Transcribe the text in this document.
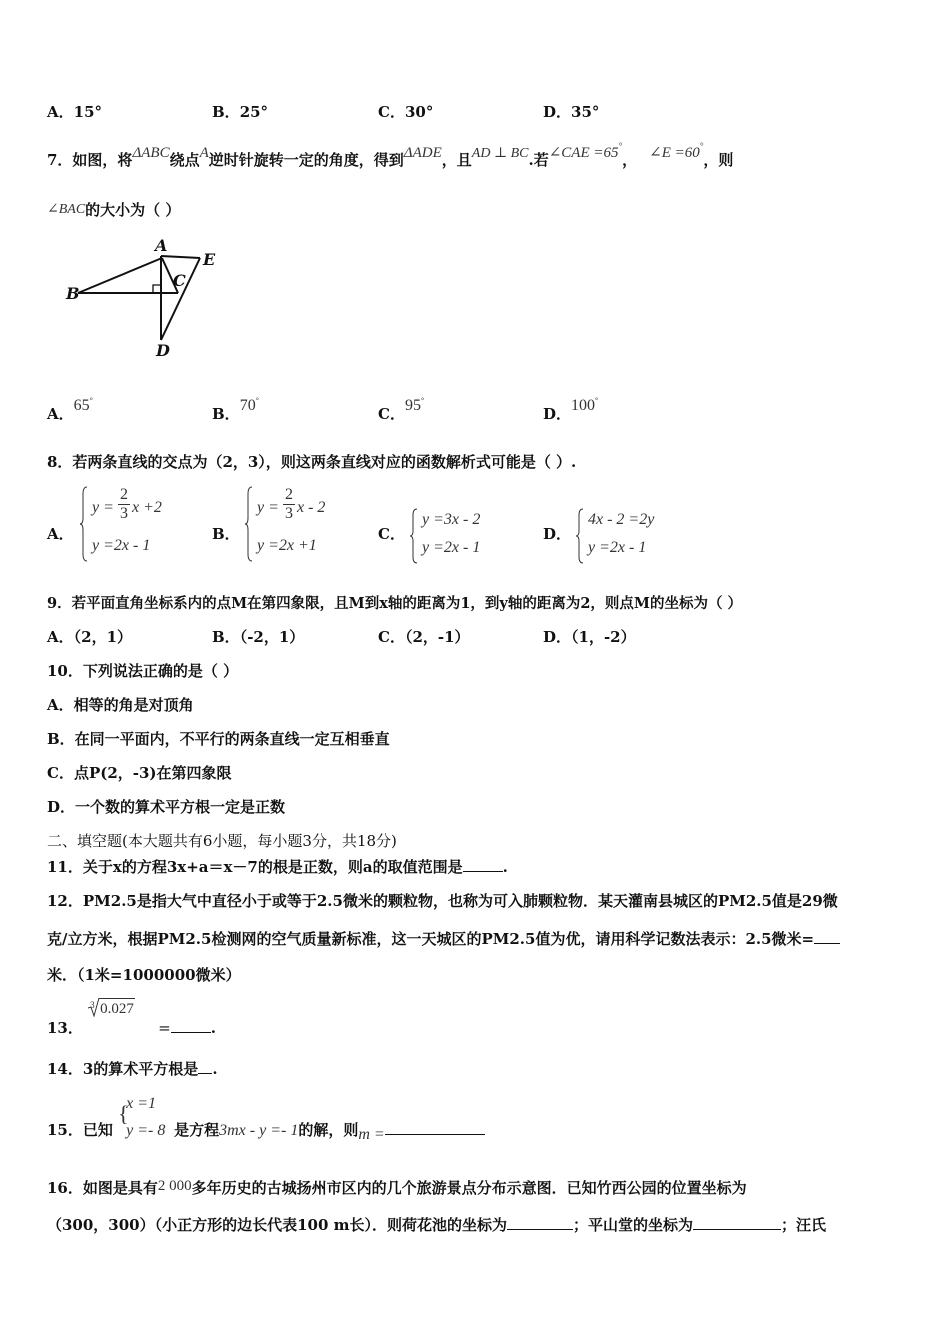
A．15°	B．25°	C．30°	D．35°
7．如图，将ΔABC绕点A逆时针旋转一定的角度，得到ΔADE，且AD ⊥ BC.若∠CAE =65°， ∠E =60°，则
∠BAC的大小为（ ）
A
E
B
C
D
A．65°
B．70°
C．95°
D．100°
8．若两条直线的交点为（2，3），则这两条直线对应的函数解析式可能是（ ）.
A．
y =
2
3 x +2
y =2x - 1
B．
y =
2
3 x - 2
y =2x +1
C．
y =3x - 2
y =2x - 1
D．
4x - 2 =2y
y =2x - 1
9．若平面直角坐标系内的点M在第四象限，且M到x轴的距离为1，到y轴的距离为2，则点M的坐标为（ ）
A．（2，1）	B．（-2，1）	C．（2，-1）	D．（1，-2）
10．下列说法正确的是（ ）
A．相等的角是对顶角
B．在同一平面内，不平行的两条直线一定互相垂直
C．点P(2，-3)在第四象限
D．一个数的算术平方根一定是正数
二、填空题(本大题共有6小题，每小题3分，共18分)
11．关于x的方程3x+a＝x－7的根是正数，则a的取值范围是	.
12．PM2.5是指大气中直径小于或等于2.5微米的颗粒物，也称为可入肺颗粒物．某天灌南县城区的PM2.5值是29微
克/立方米，根据PM2.5检测网的空气质量新标准，这一天城区的PM2.5值为优，请用科学记数法表示：2.5微米=
米．（1米=1000000微米）
13．
3 0.027
=	.
14．3的算术平方根是 .
15．已知
{
x =1
y =- 8 是方程3mx - y =- 1的解，则m =
16．如图是具有2 000多年历史的古城扬州市区内的几个旅游景点分布示意图．已知竹西公园的位置坐标为
（300，300）（小正方形的边长代表100 m长）．则荷花池的坐标为	；平山堂的坐标为	；汪氏
